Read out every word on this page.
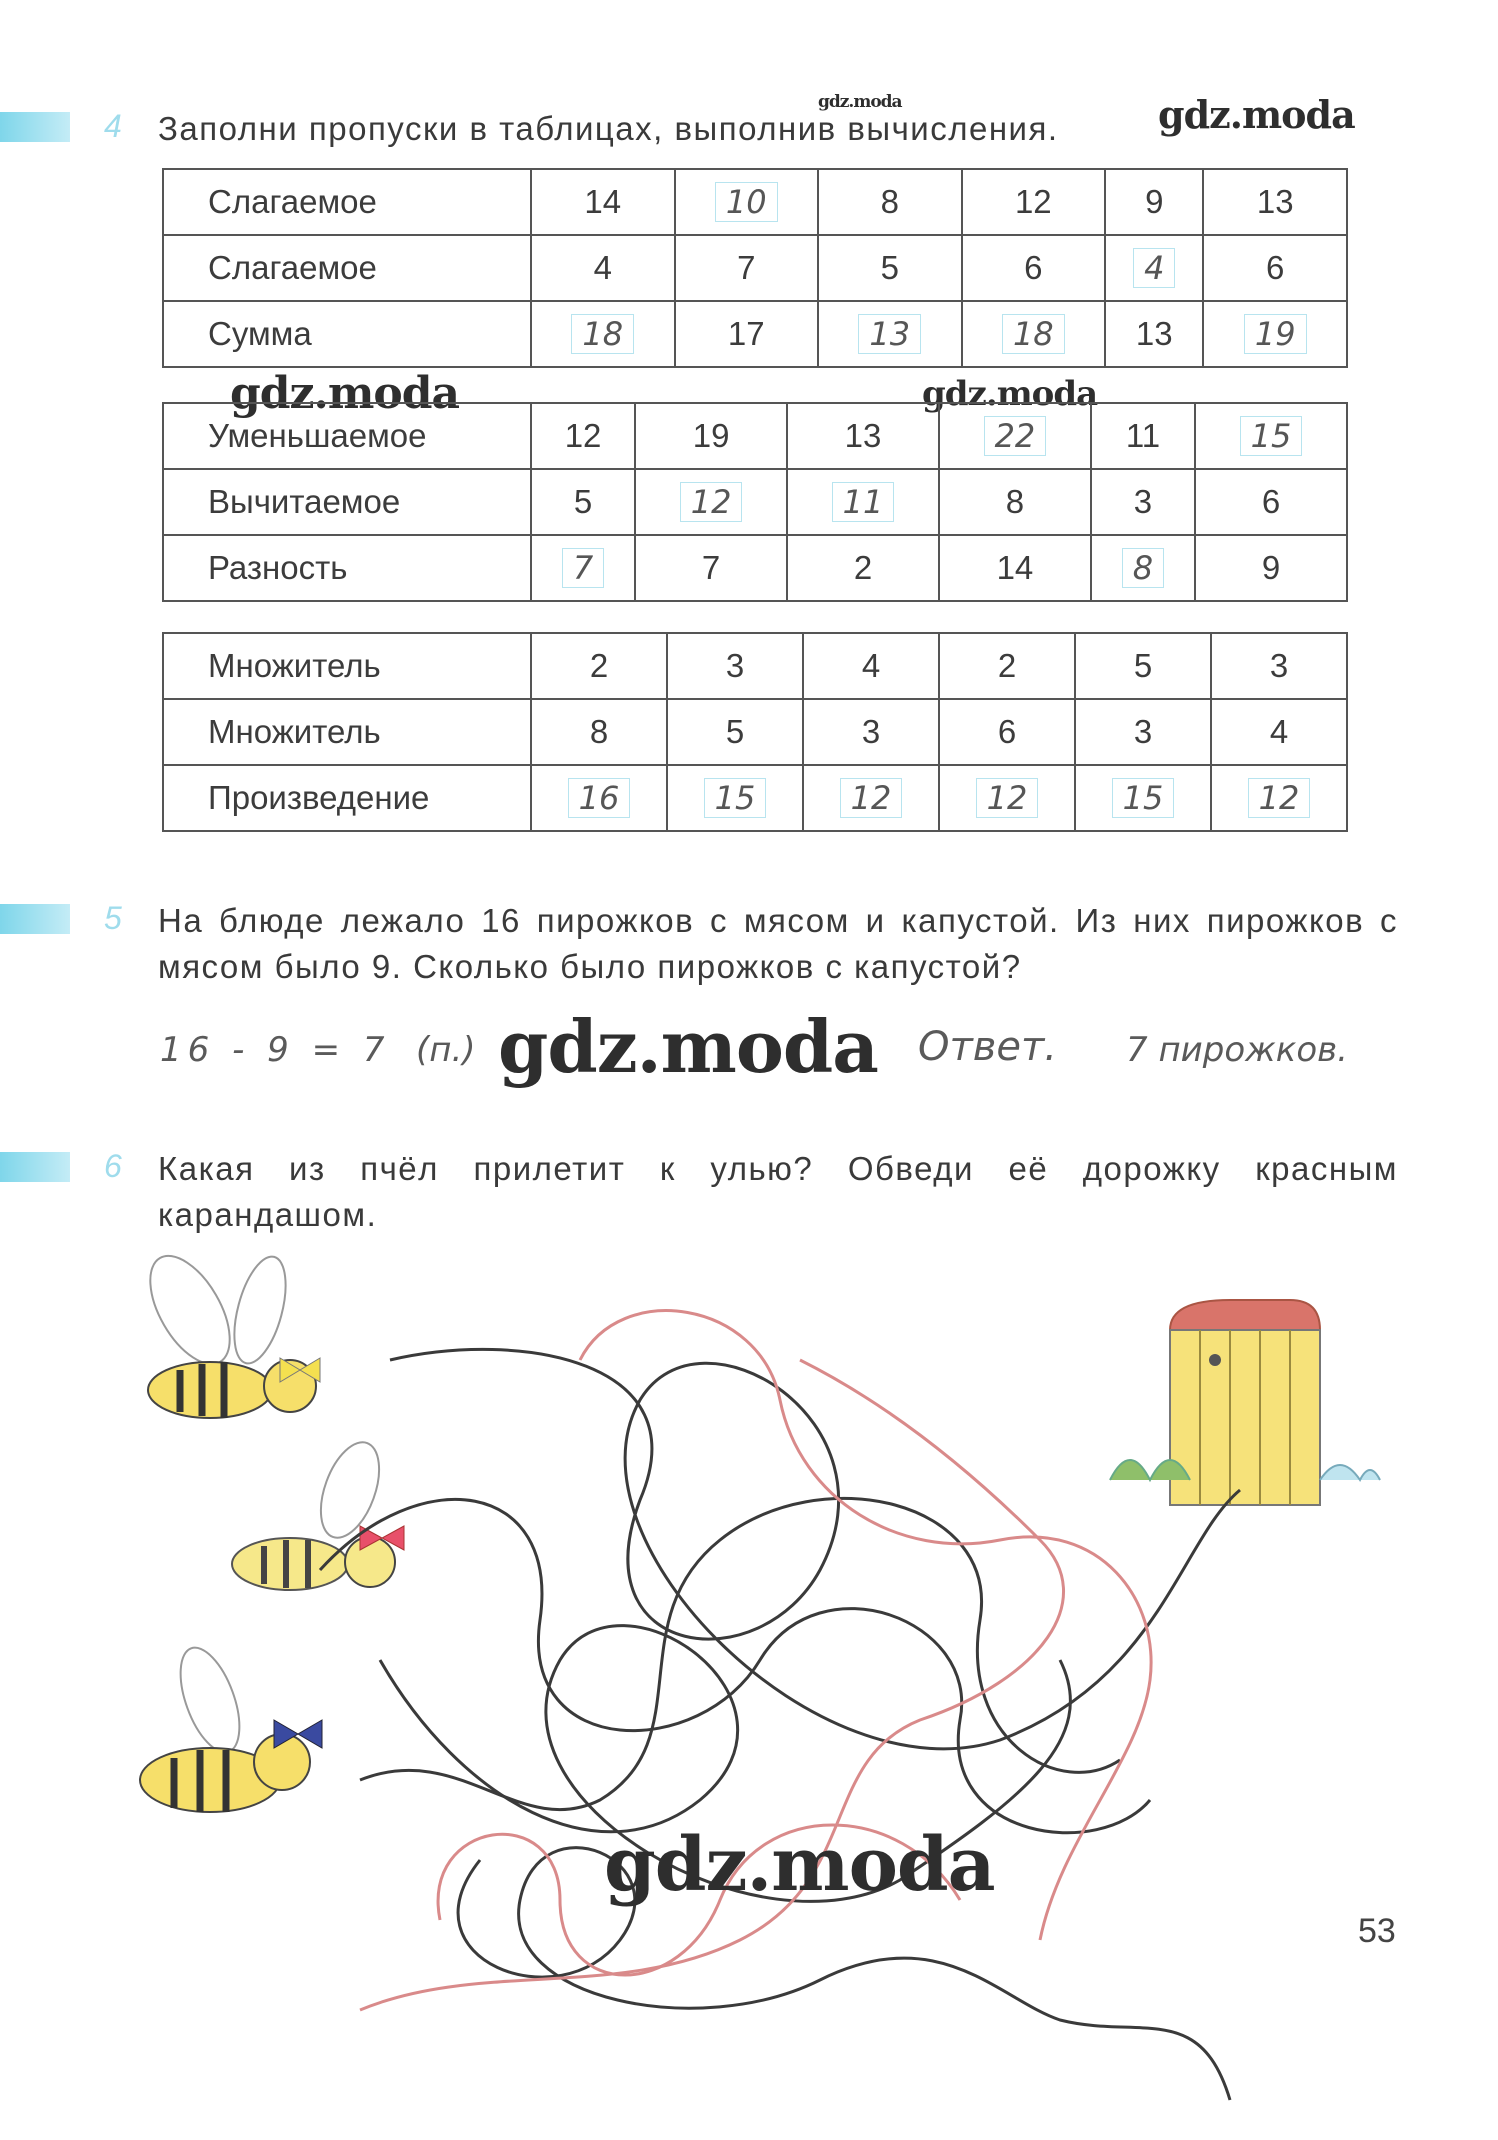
4 Заполни пропуски в таблицах, выполнив вычисления.
gdz.moda	gdz.moda
Слагаемое	14	10	8	12	9	13
Слагаемое	4	7	5	6	4	6
Сумма	18	17	13	18	13	19
gdz.moda	gdz.moda
Уменьшаемое	12	19	13	22	11	15
Вычитаемое	5	12	11	8	3	6
Разность	7	7	2	14	8	9
Множитель	2	3	4	2	5	3
Множитель	8	5	3	6	3	4
Произведение	16	15	12	12	15	12
5 На блюде лежало 16 пирожков с мясом и капустой. Из них пирожков с мясом было 9. Сколько было пирожков с капустой?
16 - 9 = 7 (п.)	Ответ. 7 пирожков.
gdz.moda
6 Какая из пчёл прилетит к улью? Обведи её дорожку красным карандашом.
gdz.moda
53
